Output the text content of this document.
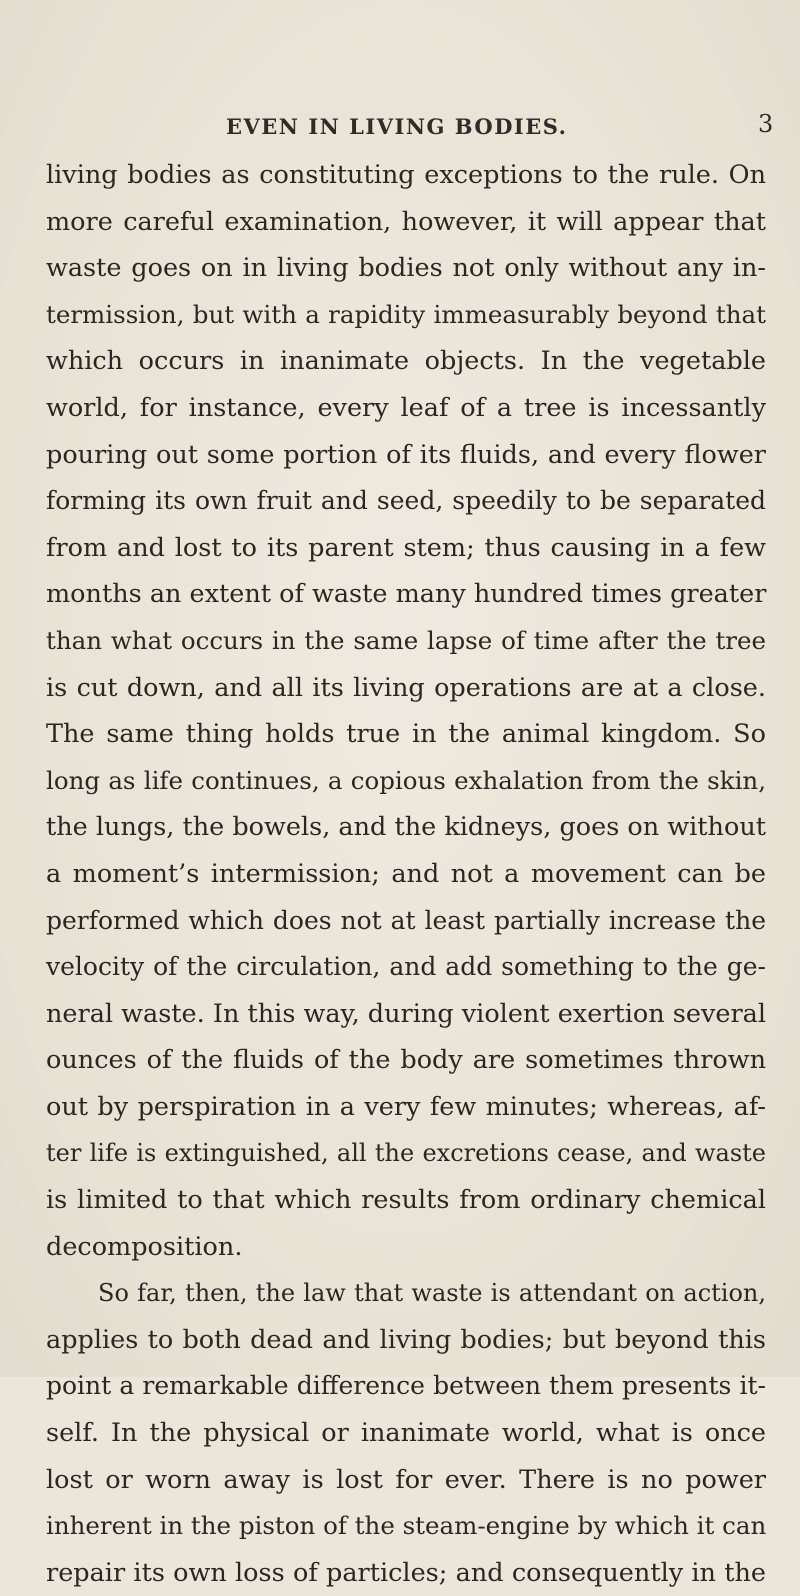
EVEN IN LIVING BODIES.	3
living bodies as constituting exceptions to the rule. On
more careful examination, however, it will appear that
waste goes on in living bodies not only without any in-
termission, but with a rapidity immeasurably beyond that
which occurs in inanimate objects. In the vegetable
world, for instance, every leaf of a tree is incessantly
pouring out some portion of its fluids, and every flower
forming its own fruit and seed, speedily to be separated
from and lost to its parent stem; thus causing in a few
months an extent of waste many hundred times greater
than what occurs in the same lapse of time after the tree
is cut down, and all its living operations are at a close.
The same thing holds true in the animal kingdom. So
long as life continues, a copious exhalation from the skin,
the lungs, the bowels, and the kidneys, goes on without
a moment’s intermission; and not a movement can be
performed which does not at least partially increase the
velocity of the circulation, and add something to the ge-
neral waste. In this way, during violent exertion several
ounces of the fluids of the body are sometimes thrown
out by perspiration in a very few minutes; whereas, af-
ter life is extinguished, all the excretions cease, and waste
is limited to that which results from ordinary chemical
decomposition.
So far, then, the law that waste is attendant on action,
applies to both dead and living bodies; but beyond this
point a remarkable difference between them presents it-
self. In the physical or inanimate world, what is once
lost or worn away is lost for ever. There is no power
inherent in the piston of the steam-engine by which it can
repair its own loss of particles; and consequently in the
